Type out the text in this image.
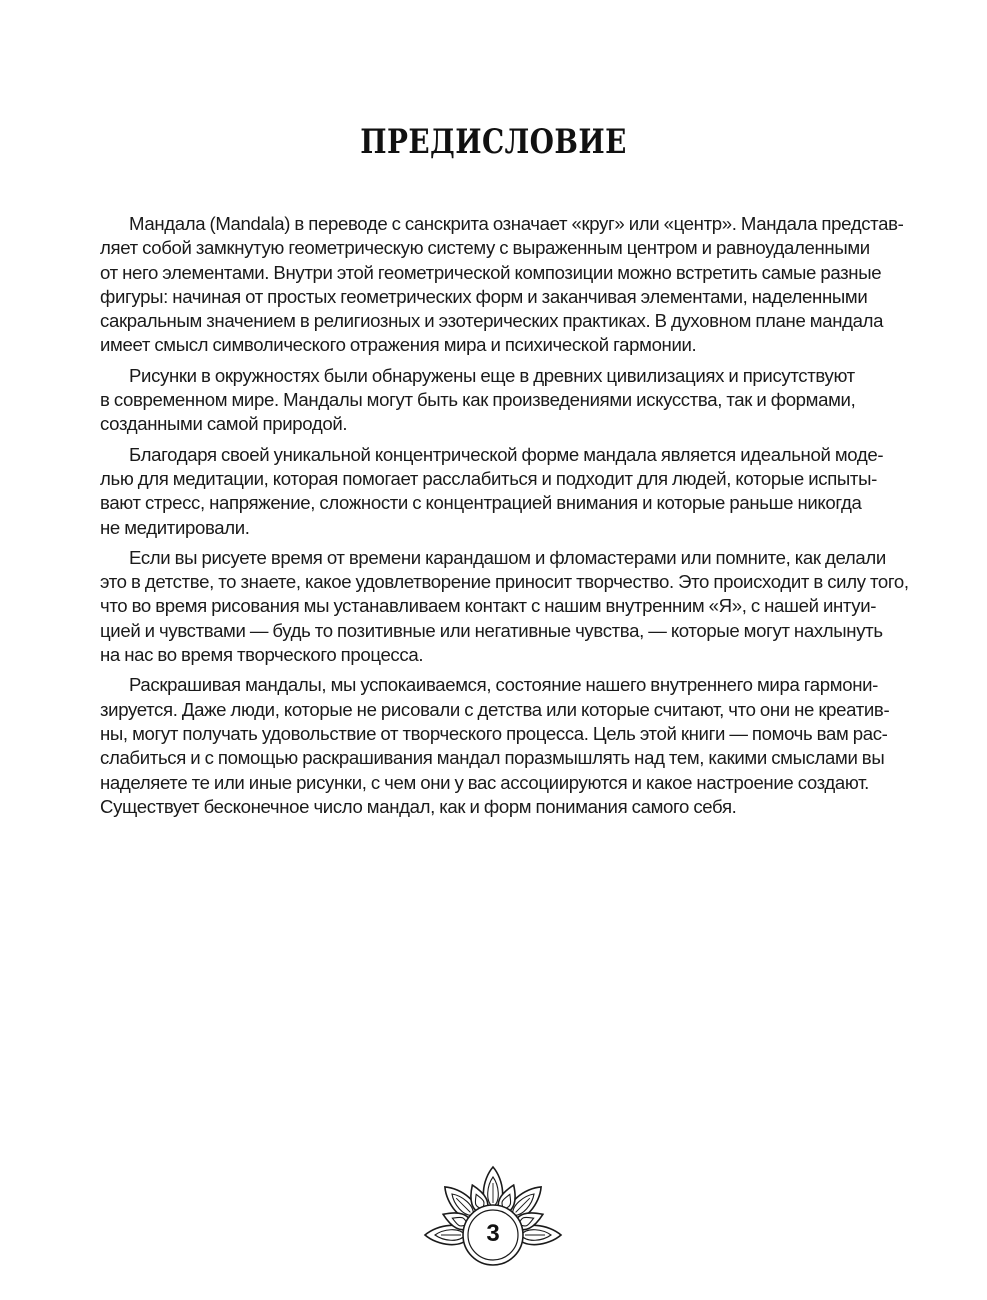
ПРЕДИСЛОВИЕ

Мандала (Mandala) в переводе с санскрита означает «круг» или «центр». Мандала представ-
ляет собой замкнутую геометрическую систему с выраженным центром и равноудаленными
от него элементами. Внутри этой геометрической композиции можно встретить самые разные
фигуры: начиная от простых геометрических форм и заканчивая элементами, наделенными
сакральным значением в религиозных и эзотерических практиках. В духовном плане мандала
имеет смысл символического отражения мира и психической гармонии.

Рисунки в окружностях были обнаружены еще в древних цивилизациях и присутствуют
в современном мире. Мандалы могут быть как произведениями искусства, так и формами,
созданными самой природой.

Благодаря своей уникальной концентрической форме мандала является идеальной моде-
лью для медитации, которая помогает расслабиться и подходит для людей, которые испыты-
вают стресс, напряжение, сложности с концентрацией внимания и которые раньше никогда
не медитировали.

Если вы рисуете время от времени карандашом и фломастерами или помните, как делали
это в детстве, то знаете, какое удовлетворение приносит творчество. Это происходит в силу того,
что во время рисования мы устанавливаем контакт с нашим внутренним «Я», с нашей интуи-
цией и чувствами — будь то позитивные или негативные чувства, — которые могут нахлынуть
на нас во время творческого процесса.

Раскрашивая мандалы, мы успокаиваемся, состояние нашего внутреннего мира гармони-
зируется. Даже люди, которые не рисовали с детства или которые считают, что они не креатив-
ны, могут получать удовольствие от творческого процесса. Цель этой книги — помочь вам рас-
слабиться и с помощью раскрашивания мандал поразмышлять над тем, какими смыслами вы
наделяете те или иные рисунки, с чем они у вас ассоциируются и какое настроение создают.
Существует бесконечное число мандал, как и форм понимания самого себя.

3
